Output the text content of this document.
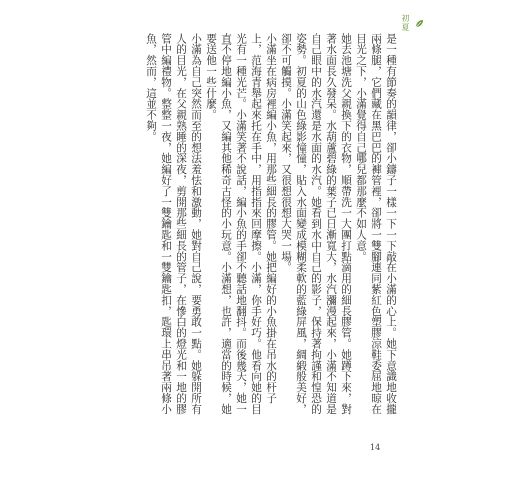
初夏

是一種有節奏的韻律，卻小鑄子一樣一下一下敲在小滿的心上。她下意識地收攏兩條腿，它們藏在黑巴巴的褲管裡，卻將一雙腳連同紫紅色塑膠涼鞋委屈地晾在目光之下，小滿覺得自己哪兒都那麼不如人意。

她去池塘洗父親換下的衣物，順帶洗一大團打點滴用的細長膠管。她蹲下來，對著水面長久發呆。水葫蘆碧綠的葉子已日漸寬大，水汽瀰漫起來，小滿不知道是自己眼中的水汽還是水面的水汽。她看到水中自己的影子，保持著拘謹和惶恐的姿勢。初夏的山色綠影憧憧，貼入水面變成模糊柔軟的藍綠屏風，綢緞般美好，卻不可觸摸。小滿笑起來，又很想很想大哭一場。

小滿坐在病房裡編小魚，用那些細長的膠管。她把編好的小魚掛在吊水的杆子上，范海青舉起來托在手中，用指指來回摩擦。小滿，你手好巧。他看向她的目光有一種光芒。小滿笑著不說話，編小魚的手卻不聽話地翻抖。而後幾天，她一直不停地編小魚，又編其他稀奇古怪的小玩意。小滿想，也許，適當的時候，她要送他一些什麼。

小滿為自己突然而至的想法羞怯和激動，她對自己說，要勇敢一點。她躲開所有人的目光，在父親熟睡的深夜，剪開那些細長的管子，在慘白的燈光和一地的膠管中編禮物。整整一夜，她編好了一雙鑰匙和一雙鑰匙扣，匙環上串吊著兩條小魚，然而，這並不夠。

14
